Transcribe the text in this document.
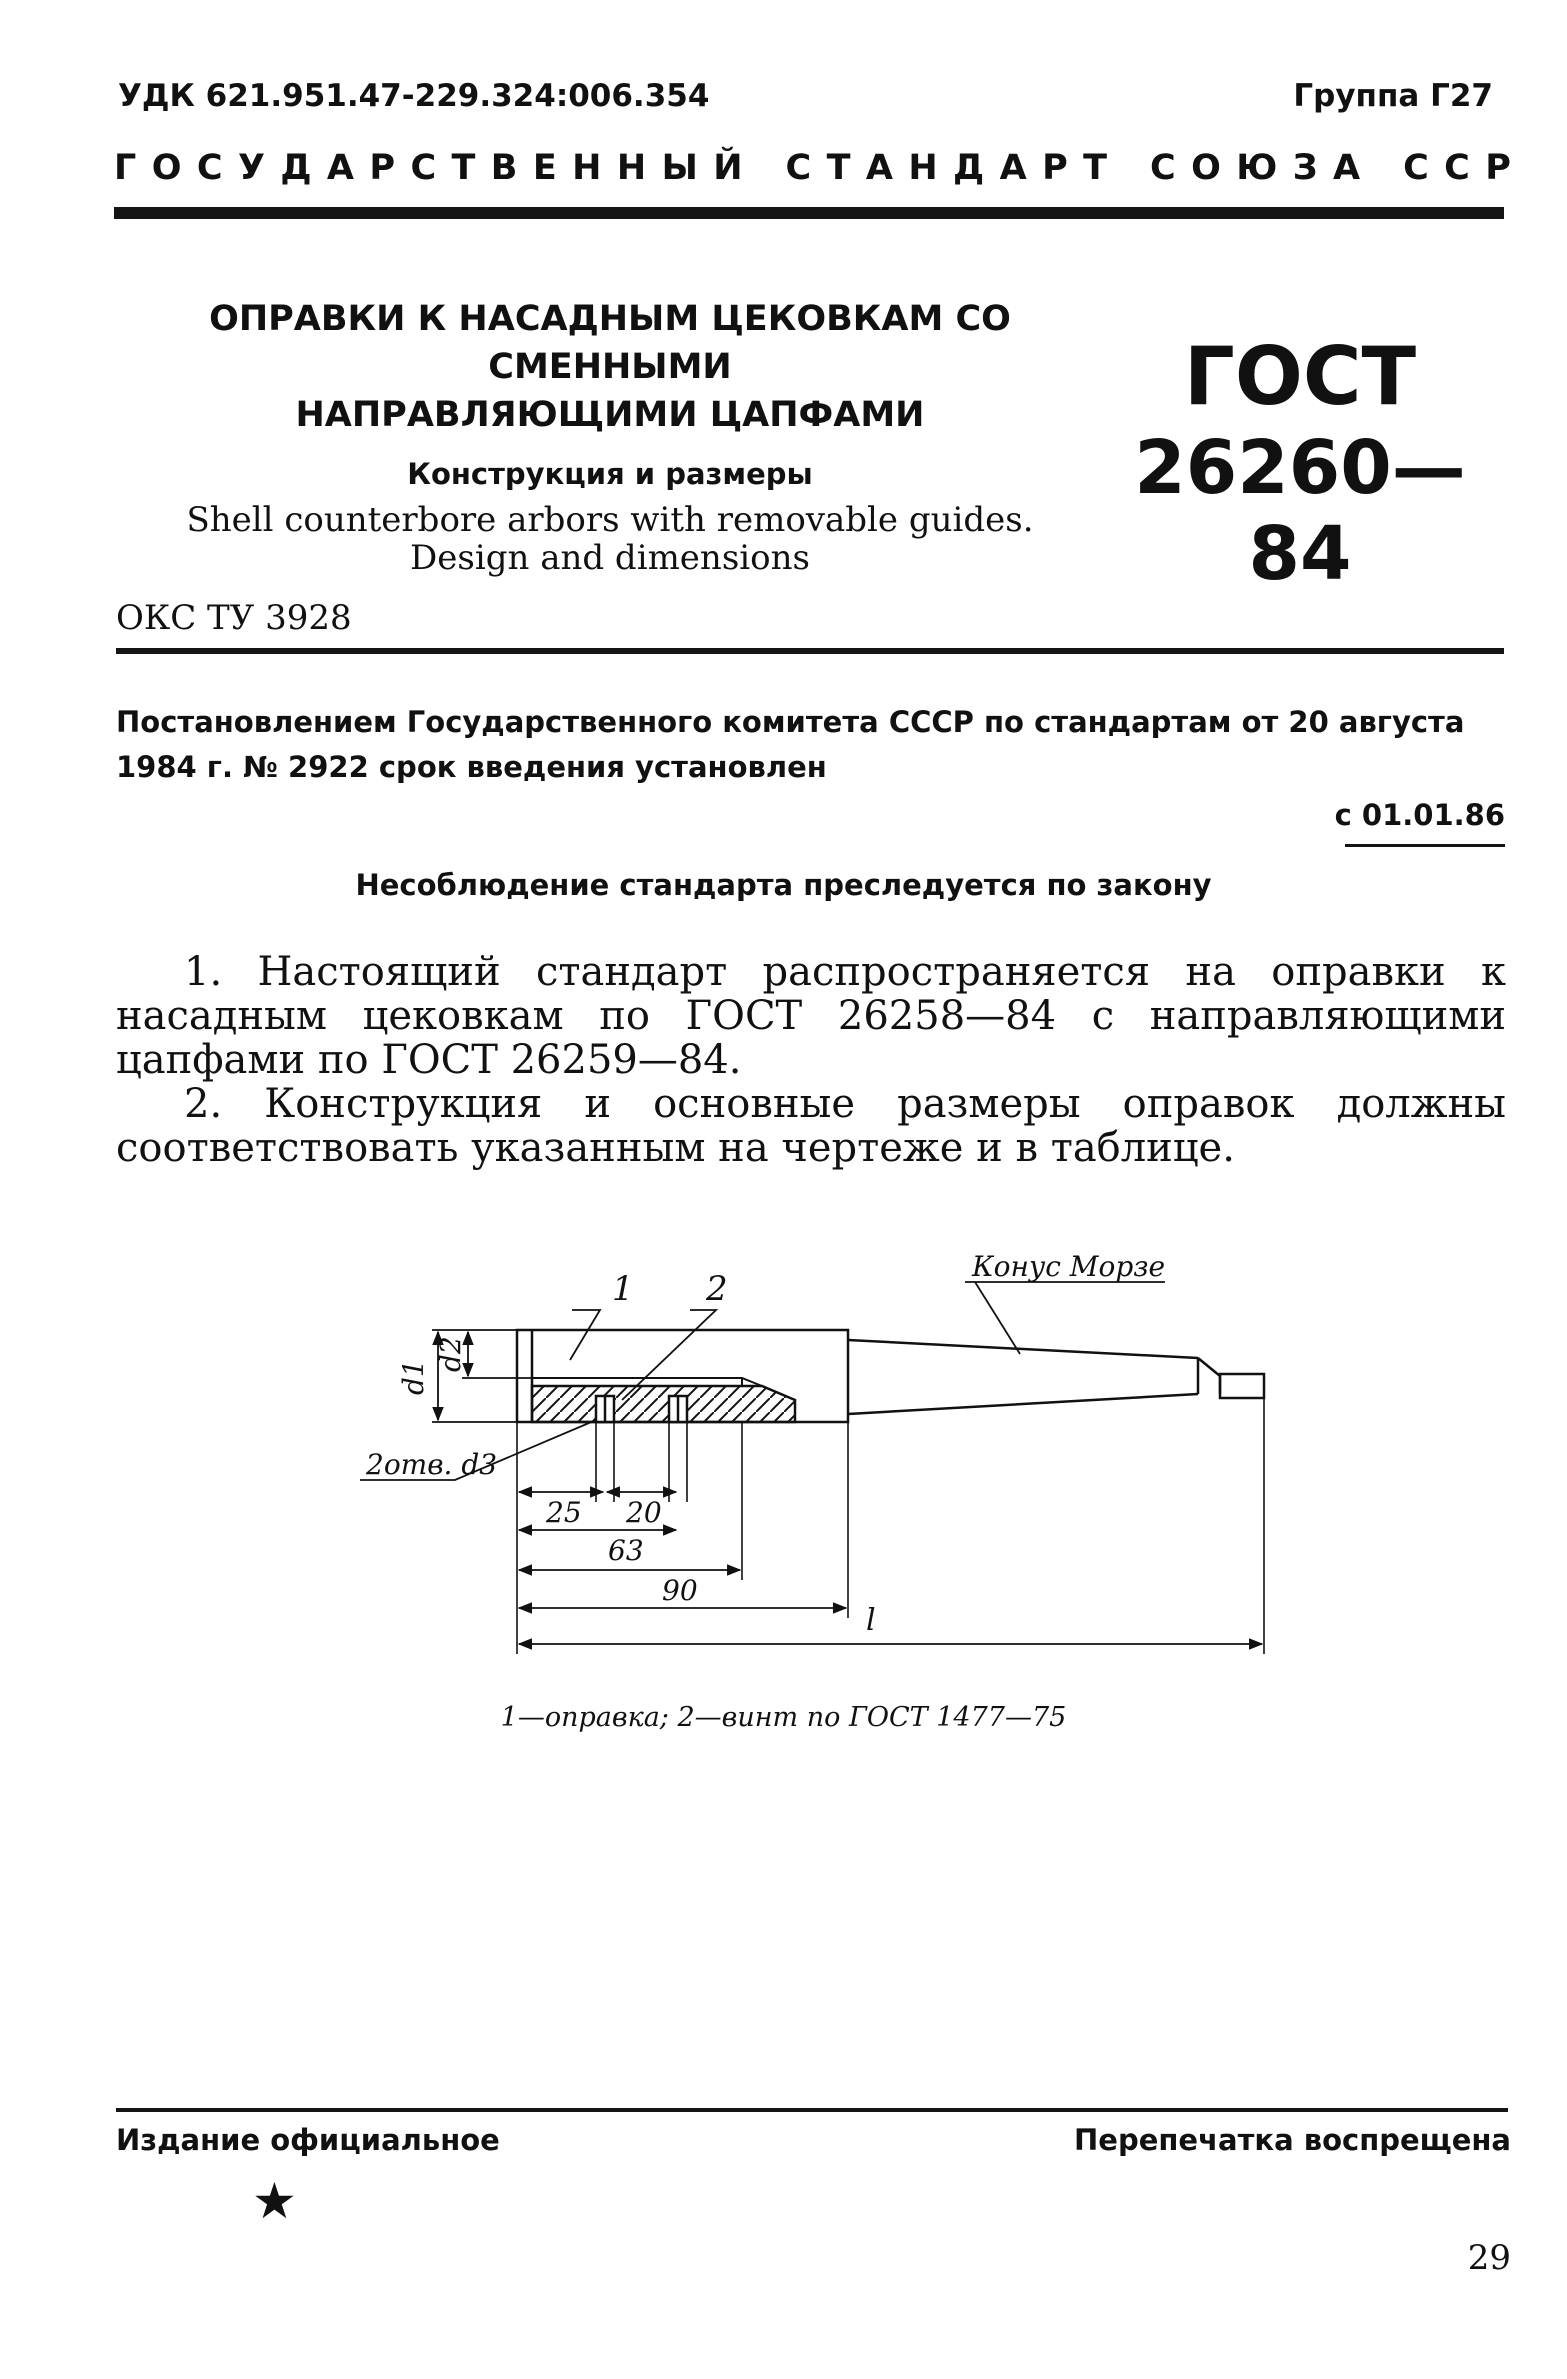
УДК 621.951.47-229.324:006.354	Группа Г27
ГОСУДАРСТВЕННЫЙ СТАНДАРТ СОЮЗА ССР
ОПРАВКИ К НАСАДНЫМ ЦЕКОВКАМ СО СМЕННЫМИ
НАПРАВЛЯЮЩИМИ ЦАПФАМИ
Конструкция и размеры
Shell counterbore arbors with removable guides.
Design and dimensions
ГОСТ
26260—84
ОКС ТУ 3928
Постановлением Государственного комитета СССР по стандартам от 20 августа 1984 г. № 2922 срок введения установлен
с 01.01.86
Несоблюдение стандарта преследуется по закону

1. Настоящий стандарт распространяется на оправки к насадным цековкам по ГОСТ 26258—84 с направляющими цапфами по ГОСТ 26259—84.

2. Конструкция и основные размеры оправок должны соответствовать указанным на чертеже и в таблице.

1 2
Конус Морзе
d1
d2
2отв. d3
25 20
63
90
l
1—оправка; 2—винт по ГОСТ 1477—75
Издание официальное	Перепечатка воспрещена
★
29
